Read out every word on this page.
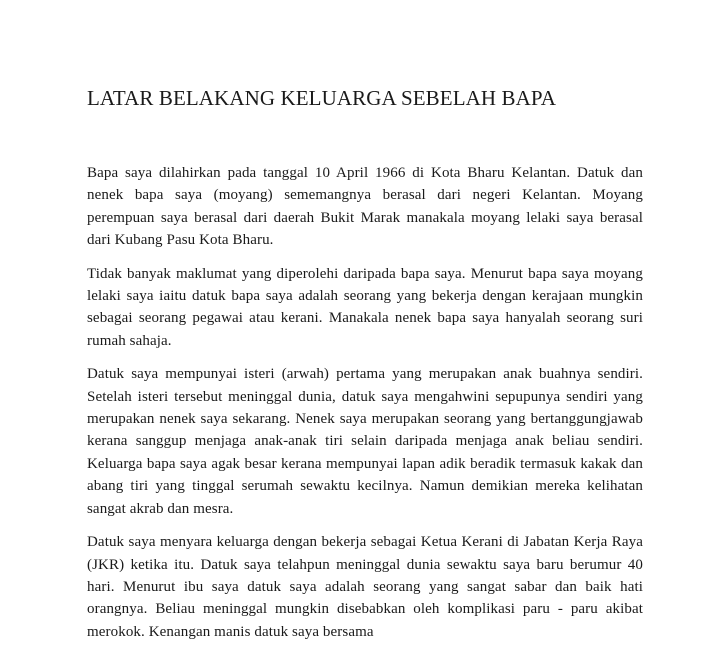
LATAR BELAKANG KELUARGA SEBELAH BAPA

Bapa saya dilahirkan pada tanggal 10 April 1966 di Kota Bharu Kelantan. Datuk dan nenek bapa saya (moyang) sememangnya berasal dari negeri Kelantan. Moyang perempuan saya berasal dari daerah Bukit Marak manakala moyang lelaki saya berasal dari Kubang Pasu Kota Bharu.

Tidak banyak maklumat yang diperolehi daripada bapa saya. Menurut bapa saya moyang lelaki saya iaitu datuk bapa saya adalah seorang yang bekerja dengan kerajaan mungkin sebagai seorang pegawai atau kerani. Manakala nenek bapa saya hanyalah seorang suri rumah sahaja.

Datuk saya mempunyai isteri (arwah) pertama yang merupakan anak buahnya sendiri. Setelah isteri tersebut meninggal dunia, datuk saya mengahwini sepupunya sendiri yang merupakan nenek saya sekarang. Nenek saya merupakan seorang yang bertanggungjawab kerana sanggup menjaga anak-anak tiri selain daripada menjaga anak beliau sendiri. Keluarga bapa saya agak besar kerana mempunyai lapan adik beradik termasuk kakak dan abang tiri yang tinggal serumah sewaktu kecilnya. Namun demikian mereka kelihatan sangat akrab dan mesra.

Datuk saya menyara keluarga dengan bekerja sebagai Ketua Kerani di Jabatan Kerja Raya (JKR) ketika itu. Datuk saya telahpun meninggal dunia sewaktu saya baru berumur 40 hari. Menurut ibu saya datuk saya adalah seorang yang sangat sabar dan baik hati orangnya. Beliau meninggal mungkin disebabkan oleh komplikasi paru - paru akibat merokok. Kenangan manis datuk saya bersama
